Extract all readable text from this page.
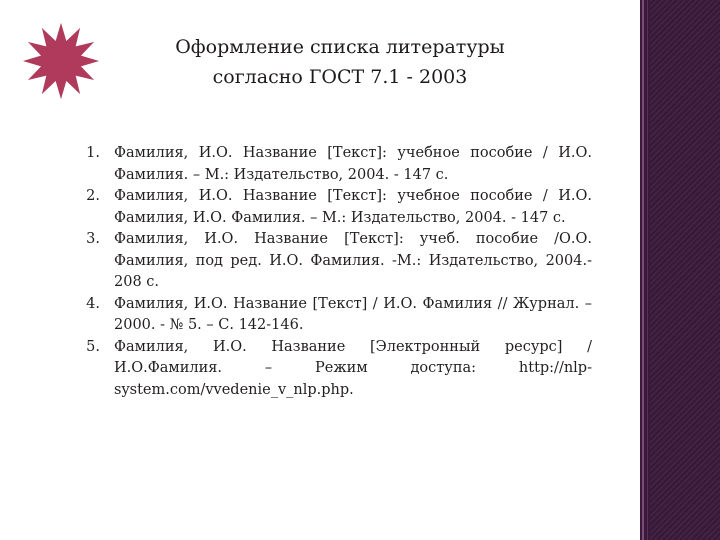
Оформление списка литературы
согласно ГОСТ 7.1 - 2003
1. Фамилия, И.О. Название [Текст]: учебное пособие / И.О. Фамилия. – М.: Издательство, 2004. - 147 с.
2. Фамилия, И.О. Название [Текст]: учебное пособие / И.О. Фамилия, И.О. Фамилия. – М.: Издательство, 2004. - 147 с.
3. Фамилия, И.О. Название [Текст]: учеб. пособие /О.О. Фамилия, под ред. И.О. Фамилия. -М.: Издательство, 2004.- 208 с.
4. Фамилия, И.О. Название [Текст] / И.О. Фамилия // Журнал. – 2000. - № 5. – С. 142-146.
5. Фамилия, И.О. Название [Электронный ресурс] / И.О.Фамилия. – Режим доступа: http://nlp-system.com/vvedenie_v_nlp.php.
